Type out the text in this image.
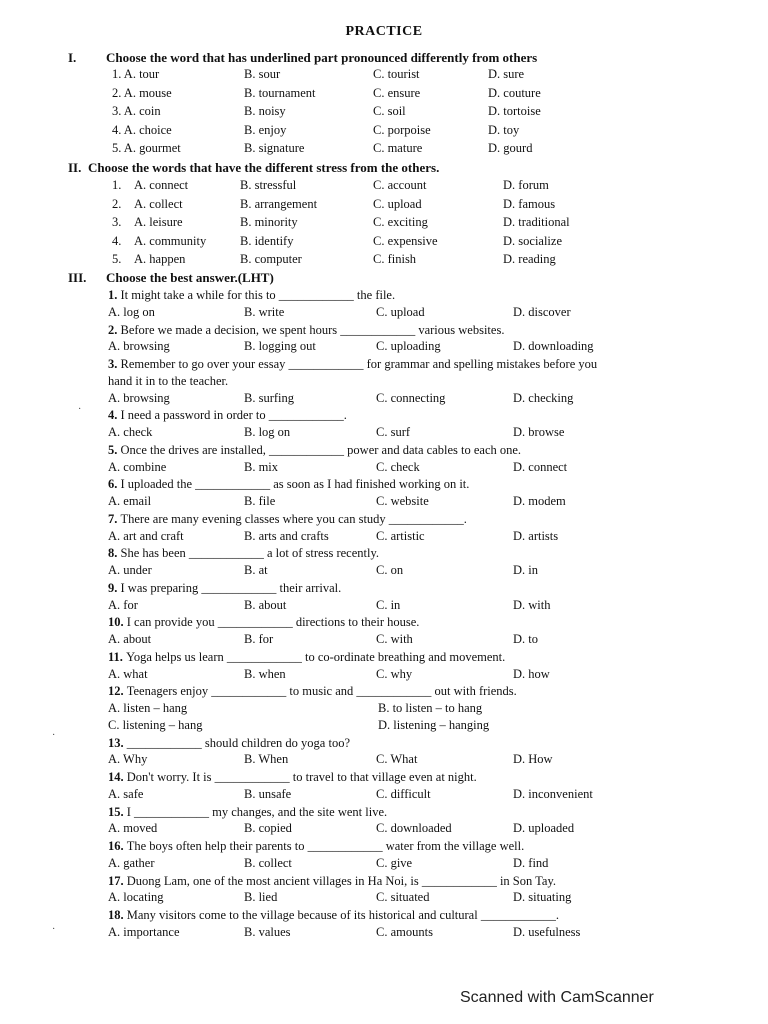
PRACTICE
I. Choose the word that has underlined part pronounced differently from others
II. Choose the words that have the different stress from the others.
III. Choose the best answer.(LHT)
·
·
·
Scanned with CamScanner
1. A. tour	B. sour	C. tourist	D. sure
2. A. mouse	B. tournament	C. ensure	D. couture
3. A. coin	B. noisy	C. soil	D. tortoise
4. A. choice	B. enjoy	C. porpoise	D. toy
5. A. gourmet	B. signature	C. mature	D. gourd
1. A. connect	B. stressful	C. account	D. forum
2. A. collect	B. arrangement	C. upload	D. famous
3. A. leisure	B. minority	C. exciting	D. traditional
4. A. community	B. identify	C. expensive	D. socialize
5. A. happen	B. computer	C. finish	D. reading
1. It might take a while for this to ____________ the file.
A. log on	B. write	C. upload	D. discover
2. Before we made a decision, we spent hours ____________ various websites.
A. browsing	B. logging out	C. uploading	D. downloading
3. Remember to go over your essay ____________ for grammar and spelling mistakes before you
hand it in to the teacher.
A. browsing	B. surfing	C. connecting	D. checking
4. I need a password in order to ____________.
A. check	B. log on	C. surf	D. browse
5. Once the drives are installed, ____________ power and data cables to each one.
A. combine	B. mix	C. check	D. connect
6. I uploaded the ____________ as soon as I had finished working on it.
A. email	B. file	C. website	D. modem
7. There are many evening classes where you can study ____________.
A. art and craft	B. arts and crafts	C. artistic	D. artists
8. She has been ____________ a lot of stress recently.
A. under	B. at	C. on	D. in
9. I was preparing ____________ their arrival.
A. for	B. about	C. in	D. with
10. I can provide you ____________ directions to their house.
A. about	B. for	C. with	D. to
11. Yoga helps us learn ____________ to co-ordinate breathing and movement.
A. what	B. when	C. why	D. how
12. Teenagers enjoy ____________ to music and ____________ out with friends.
A. listen – hang	B. to listen – to hang
C. listening – hang	D. listening – hanging
13. ____________ should children do yoga too?
A. Why	B. When	C. What	D. How
14. Don't worry. It is ____________ to travel to that village even at night.
A. safe	B. unsafe	C. difficult	D. inconvenient
15. I ____________ my changes, and the site went live.
A. moved	B. copied	C. downloaded	D. uploaded
16. The boys often help their parents to ____________ water from the village well.
A. gather	B. collect	C. give	D. find
17. Duong Lam, one of the most ancient villages in Ha Noi, is ____________ in Son Tay.
A. locating	B. lied	C. situated	D. situating
18. Many visitors come to the village because of its historical and cultural ____________.
A. importance	B. values	C. amounts	D. usefulness
